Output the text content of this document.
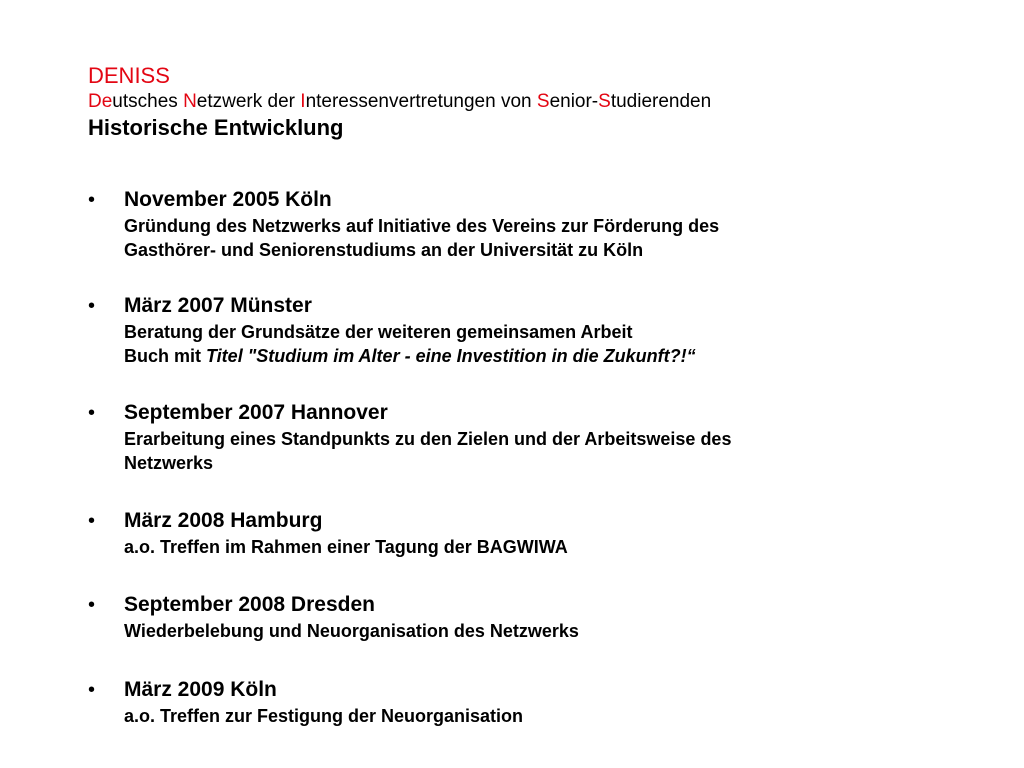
DENISS
Deutsches Netzwerk der Interessenvertretungen von Senior-Studierenden
Historische Entwicklung
• November 2005 Köln
Gründung des Netzwerks auf Initiative des Vereins zur Förderung des
Gasthörer- und Seniorenstudiums an der Universität zu Köln
• März 2007 Münster
Beratung der Grundsätze der weiteren gemeinsamen Arbeit
Buch mit Titel "Studium im Alter - eine Investition in die Zukunft?!“
• September 2007 Hannover
Erarbeitung eines Standpunkts zu den Zielen und der Arbeitsweise des
Netzwerks
• März 2008 Hamburg
a.o. Treffen im Rahmen einer Tagung der BAGWIWA
• September 2008 Dresden
Wiederbelebung und Neuorganisation des Netzwerks
• März 2009 Köln
a.o. Treffen zur Festigung der Neuorganisation
